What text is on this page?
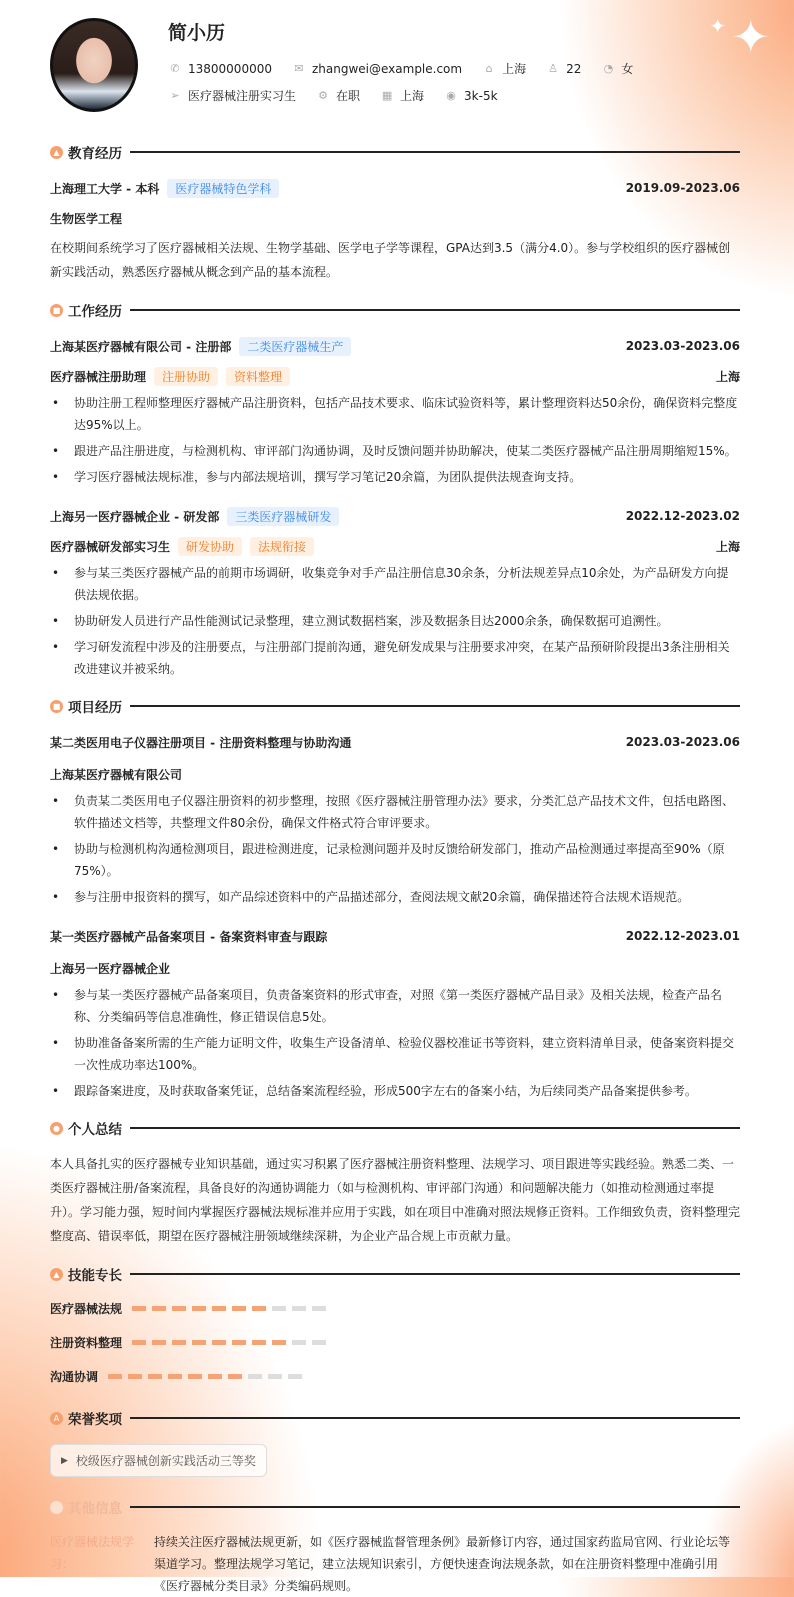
简小历
✆ 13800000000 ✉ zhangwei@example.com	⌂ 上海 ♙ 22 ◔ 女
➢ 医疗器械注册实习生 ⚙ 在职 ▦ 上海 ◉ 3k-5k
✦
✦
▲ 教育经历
上海理工大学 - 本科	医疗器械特色学科	2019.09-2023.06
生物医学工程
在校期间系统学习了医疗器械相关法规、生物学基础、医学电子学等课程，GPA达到3.5（满分4.0）。参与学校组织的医疗器械创新实践活动，熟悉医疗器械从概念到产品的基本流程。
■ 工作经历
上海某医疗器械有限公司 - 注册部	二类医疗器械生产	2023.03-2023.06
医疗器械注册助理	注册协助	资料整理	上海
• 协助注册工程师整理医疗器械产品注册资料，包括产品技术要求、临床试验资料等，累计整理资料达50余份，确保资料完整度达95%以上。
• 跟进产品注册进度，与检测机构、审评部门沟通协调，及时反馈问题并协助解决，使某二类医疗器械产品注册周期缩短15%。
• 学习医疗器械法规标准，参与内部法规培训，撰写学习笔记20余篇，为团队提供法规查询支持。
上海另一医疗器械企业 - 研发部	三类医疗器械研发	2022.12-2023.02
医疗器械研发部实习生	研发协助	法规衔接	上海
• 参与某三类医疗器械产品的前期市场调研，收集竞争对手产品注册信息30余条，分析法规差异点10余处，为产品研发方向提供法规依据。
• 协助研发人员进行产品性能测试记录整理，建立测试数据档案，涉及数据条目达2000余条，确保数据可追溯性。
• 学习研发流程中涉及的注册要点，与注册部门提前沟通，避免研发成果与注册要求冲突，在某产品预研阶段提出3条注册相关改进建议并被采纳。
■ 项目经历
某二类医用电子仪器注册项目 - 注册资料整理与协助沟通	2023.03-2023.06
上海某医疗器械有限公司
• 负责某二类医用电子仪器注册资料的初步整理，按照《医疗器械注册管理办法》要求，分类汇总产品技术文件，包括电路图、软件描述文档等，共整理文件80余份，确保文件格式符合审评要求。
• 协助与检测机构沟通检测项目，跟进检测进度，记录检测问题并及时反馈给研发部门，推动产品检测通过率提高至90%（原75%）。
• 参与注册申报资料的撰写，如产品综述资料中的产品描述部分，查阅法规文献20余篇，确保描述符合法规术语规范。
某一类医疗器械产品备案项目 - 备案资料审查与跟踪	2022.12-2023.01
上海另一医疗器械企业
• 参与某一类医疗器械产品备案项目，负责备案资料的形式审查，对照《第一类医疗器械产品目录》及相关法规，检查产品名称、分类编码等信息准确性，修正错误信息5处。
• 协助准备备案所需的生产能力证明文件，收集生产设备清单、检验仪器校准证书等资料，建立资料清单目录，使备案资料提交一次性成功率达100%。
• 跟踪备案进度，及时获取备案凭证，总结备案流程经验，形成500字左右的备案小结，为后续同类产品备案提供参考。
● 个人总结
本人具备扎实的医疗器械专业知识基础，通过实习积累了医疗器械注册资料整理、法规学习、项目跟进等实践经验。熟悉二类、一类医疗器械注册/备案流程，具备良好的沟通协调能力（如与检测机构、审评部门沟通）和问题解决能力（如推动检测通过率提升）。学习能力强，短时间内掌握医疗器械法规标准并应用于实践，如在项目中准确对照法规修正资料。工作细致负责，资料整理完整度高、错误率低，期望在医疗器械注册领域继续深耕，为企业产品合规上市贡献力量。
▲ 技能专长
医疗器械法规
注册资料整理
沟通协调
A 荣誉奖项
▶ 校级医疗器械创新实践活动三等奖
其他信息
医疗器械法规学习：
持续关注医疗器械法规更新，如《医疗器械监督管理条例》最新修订内容，通过国家药监局官网、行业论坛等渠道学习。整理法规学习笔记，建立法规知识索引，方便快速查询法规条款，如在注册资料整理中准确引用《医疗器械分类目录》分类编码规则。
